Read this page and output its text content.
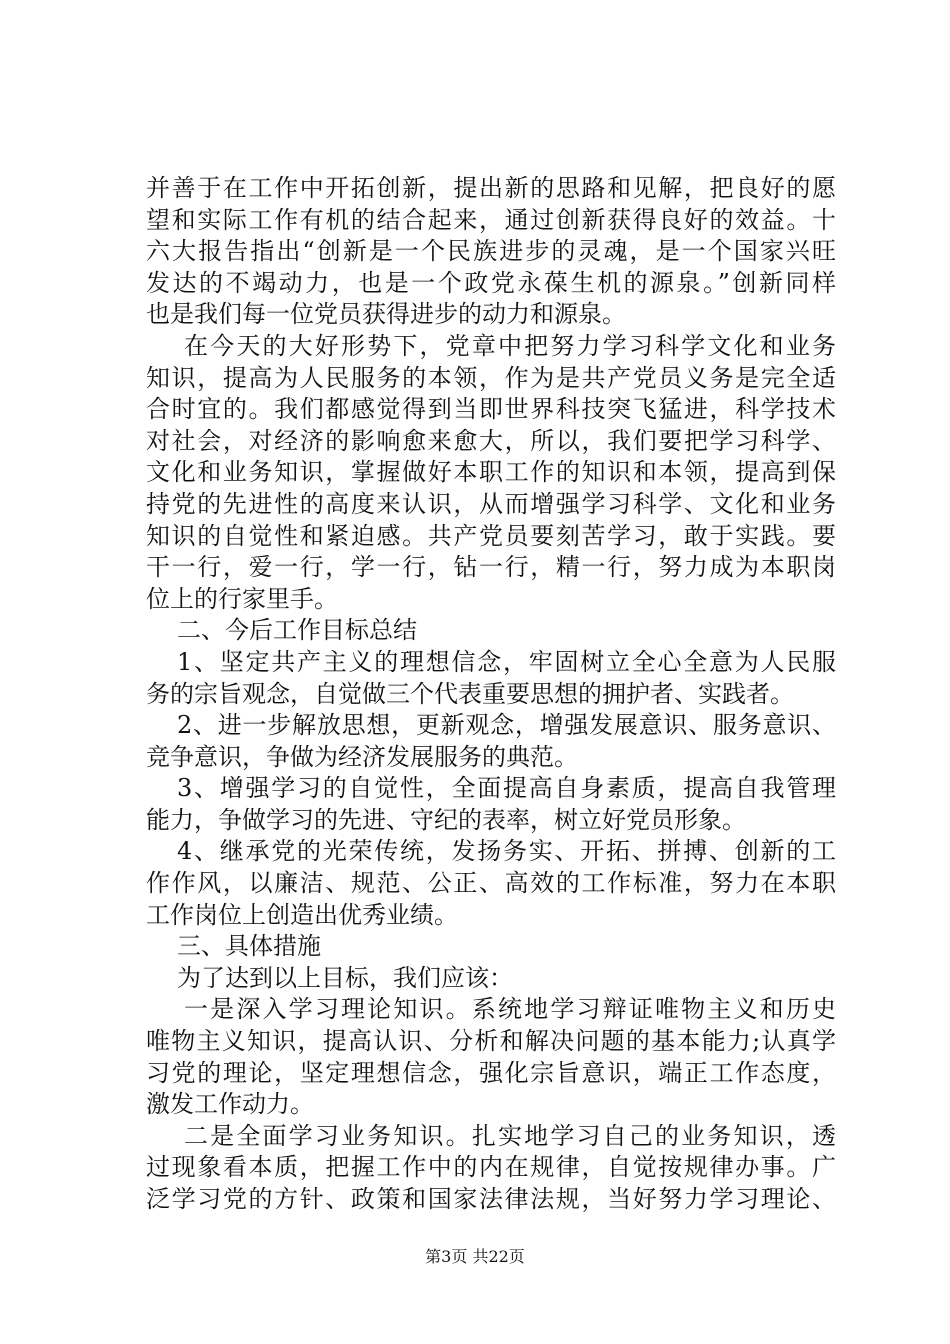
并善于在工作中开拓创新，提出新的思路和见解，把良好的愿
望和实际工作有机的结合起来，通过创新获得良好的效益。十
六大报告指出“创新是一个民族进步的灵魂，是一个国家兴旺
发达的不竭动力，也是一个政党永葆生机的源泉。”创新同样
也是我们每一位党员获得进步的动力和源泉。
在今天的大好形势下，党章中把努力学习科学文化和业务
知识，提高为人民服务的本领，作为是共产党员义务是完全适
合时宜的。我们都感觉得到当即世界科技突飞猛进，科学技术
对社会，对经济的影响愈来愈大，所以，我们要把学习科学、
文化和业务知识，掌握做好本职工作的知识和本领，提高到保
持党的先进性的高度来认识，从而增强学习科学、文化和业务
知识的自觉性和紧迫感。共产党员要刻苦学习，敢于实践。要
干一行，爱一行，学一行，钻一行，精一行，努力成为本职岗
位上的行家里手。
二、今后工作目标总结
1、坚定共产主义的理想信念，牢固树立全心全意为人民服
务的宗旨观念，自觉做三个代表重要思想的拥护者、实践者。
2、进一步解放思想，更新观念，增强发展意识、服务意识、
竞争意识，争做为经济发展服务的典范。
3、增强学习的自觉性，全面提高自身素质，提高自我管理
能力，争做学习的先进、守纪的表率，树立好党员形象。
4、继承党的光荣传统，发扬务实、开拓、拼搏、创新的工
作作风，以廉洁、规范、公正、高效的工作标准，努力在本职
工作岗位上创造出优秀业绩。
三、具体措施
为了达到以上目标，我们应该：
一是深入学习理论知识。系统地学习辩证唯物主义和历史
唯物主义知识，提高认识、分析和解决问题的基本能力;认真学
习党的理论，坚定理想信念，强化宗旨意识，端正工作态度，
激发工作动力。
二是全面学习业务知识。扎实地学习自己的业务知识，透
过现象看本质，把握工作中的内在规律，自觉按规律办事。广
泛学习党的方针、政策和国家法律法规，当好努力学习理论、
第3页 共22页
